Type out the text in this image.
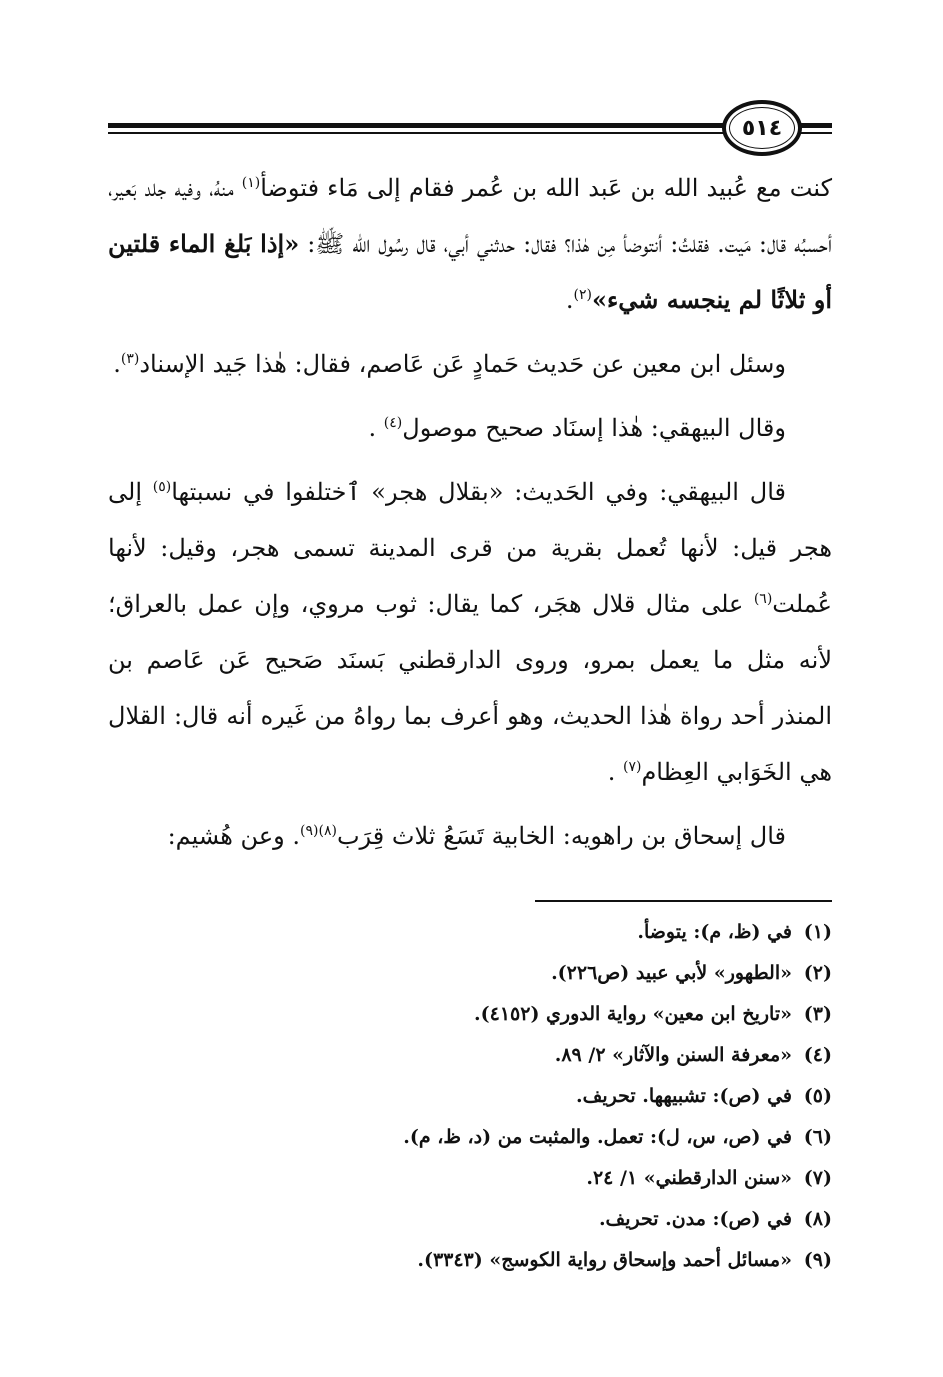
٥١٤

كنت مع عُبيد الله بن عَبد الله بن عُمر فقام إلى مَاء فتوضأ$^{(١)}$ منهُ، وفيه جلد بَعير، أحسبُه قال: مَيت. فقلتُ: أنتوضأ مِن هٰذا؟ فقال: حدثني أبي، قال رسُول الله ﷺ: «إذا بَلغ الماء قلتين أو ثلاثًا لم ينجسه شيء»$^{(٢)}$.

وسئل ابن معين عن حَديث حَمادٍ عَن عَاصم، فقال: هٰذا جَيد الإسناد$^{(٣)}$.

وقال البيهقي: هٰذا إسنَاد صحيح موصول$^{(٤)}$ .

قال البيهقي: وفي الحَديث: «بقلال هجر» ٱختلفوا في نسبتها$^{(٥)}$ إلى هجر قيل: لأنها تُعمل بقرية من قرى المدينة تسمى هجر، وقيل: لأنها عُملت$^{(٦)}$ على مثال قلال هجَر، كما يقال: ثوب مروي، وإن عمل بالعراق؛ لأنه مثل ما يعمل بمرو، وروى الدارقطني بَسنَد صَحيح عَن عَاصم بن المنذر أحد رواة هٰذا الحديث، وهو أعرف بما رواهُ من غَيره أنه قال: القلال هي الخَوَابي العِظام$^{(٧)}$ .

قال إسحاق بن راهويه: الخابية تَسَعُ ثلاث قِرَب$^{(٨)(٩)}$. وعن هُشيم:

(١)في (ظ، م): يتوضأ.
(٢)«الطهور» لأبي عبيد (ص٢٢٦).
(٣)«تاريخ ابن معين» رواية الدوري (٤١٥٢).
(٤)«معرفة السنن والآثار» ٢/ ٨٩.
(٥)في (ص): تشبيهها. تحريف.
(٦)في (ص، س، ل): تعمل. والمثبت من (د، ظ، م).
(٧)«سنن الدارقطني» ١/ ٢٤.
(٨)في (ص): مدن. تحريف.
(٩)«مسائل أحمد وإسحاق رواية الكوسج» (٣٣٤٣).
